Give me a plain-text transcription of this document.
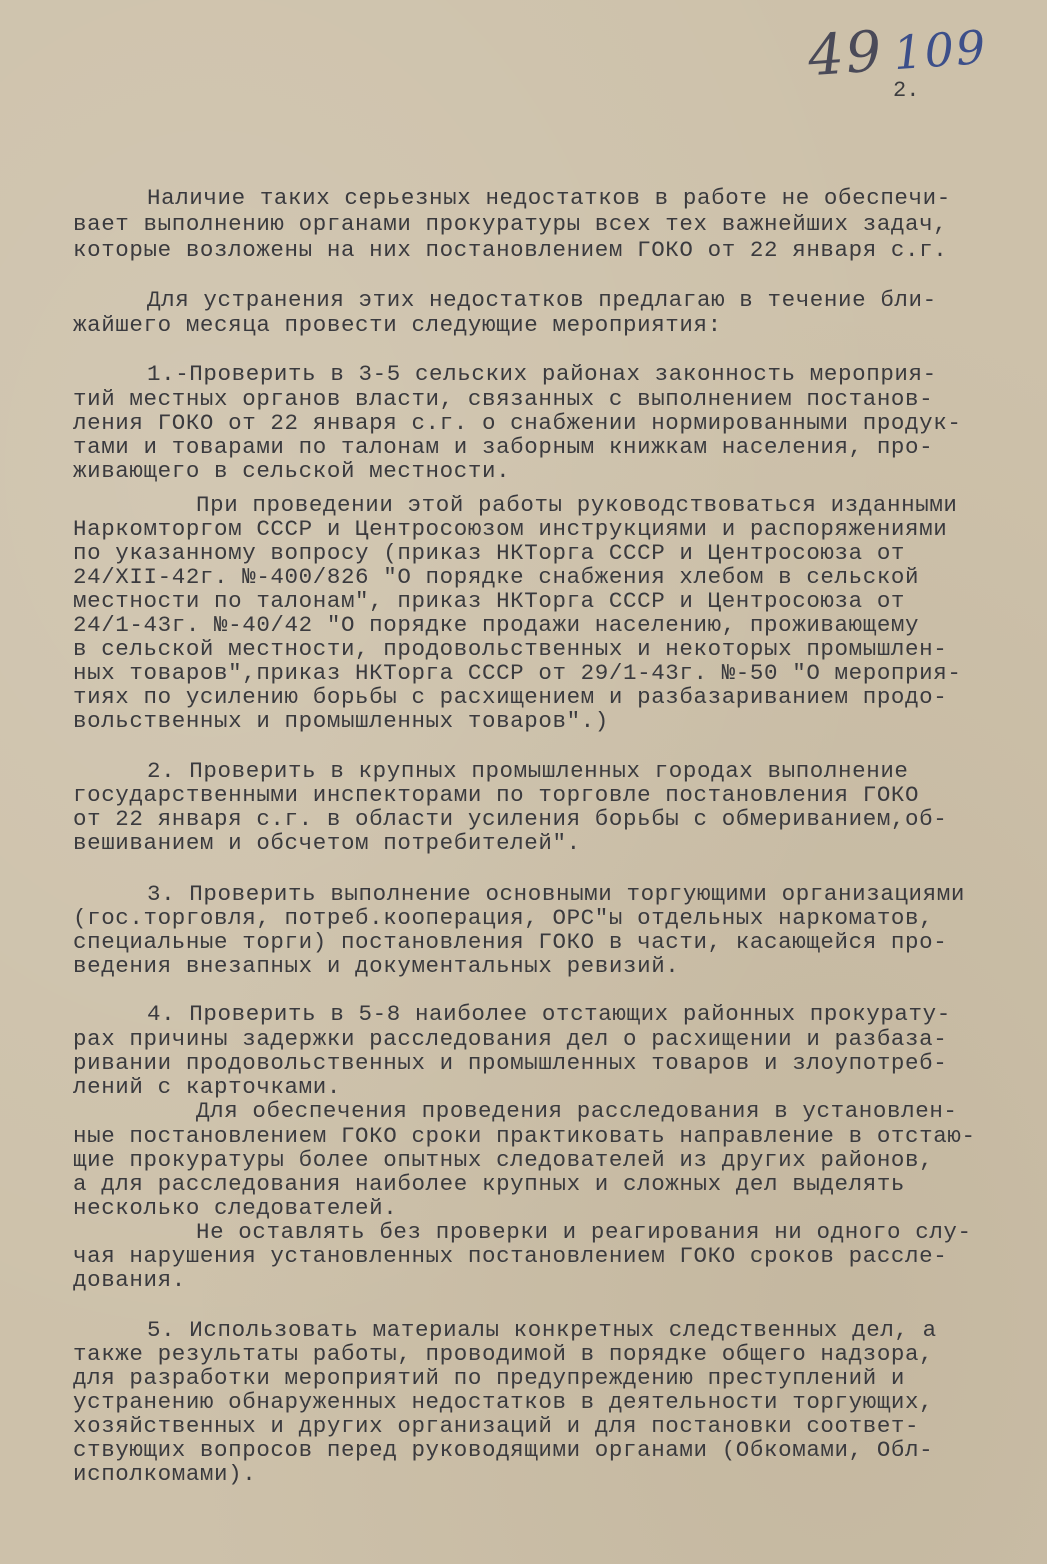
49 109
2.
Наличие таких серьезных недостатков в работе не обеспечи-
вает выполнению органами прокуратуры всех тех важнейших задач,
которые возложены на них постановлением ГОКО от 22 января с.г.
Для устранения этих недостатков предлагаю в течение бли-
жайшего месяца провести следующие мероприятия:
1.-Проверить в 3-5 сельских районах законность мероприя-
тий местных органов власти, связанных с выполнением постанов-
ления ГОКО от 22 января с.г. о снабжении нормированными продук-
тами и товарами по талонам и заборным книжкам населения, про-
живающего в сельской местности.
При проведении этой работы руководствоваться изданными
Наркомторгом СССР и Центросоюзом инструкциями и распоряжениями
по указанному вопросу (приказ НКТорга СССР и Центросоюза от
24/XII-42г. №-400/826 "О порядке снабжения хлебом в сельской
местности по талонам", приказ НКТорга СССР и Центросоюза от
24/1-43г. №-40/42 "О порядке продажи населению, проживающему
в сельской местности, продовольственных и некоторых промышлен-
ных товаров",приказ НКТорга СССР от 29/1-43г. №-50 "О мероприя-
тиях по усилению борьбы с расхищением и разбазариванием продо-
вольственных и промышленных товаров".)
2. Проверить в крупных промышленных городах выполнение
государственными инспекторами по торговле постановления ГОКО
от 22 января с.г. в области усиления борьбы с обмериванием,об-
вешиванием и обсчетом потребителей".
3. Проверить выполнение основными торгующими организациями
(гос.торговля, потреб.кооперация, ОРС"ы отдельных наркоматов,
специальные торги) постановления ГОКО в части, касающейся про-
ведения внезапных и документальных ревизий.
4. Проверить в 5-8 наиболее отстающих районных прокурату-
рах причины задержки расследования дел о расхищении и разбаза-
ривании продовольственных и промышленных товаров и злоупотреб-
лений с карточками.
Для обеспечения проведения расследования в установлен-
ные постановлением ГОКО сроки практиковать направление в отстаю-
щие прокуратуры более опытных следователей из других районов,
а для расследования наиболее крупных и сложных дел выделять
несколько следователей.
Не оставлять без проверки и реагирования ни одного слу-
чая нарушения установленных постановлением ГОКО сроков рассле-
дования.
5. Использовать материалы конкретных следственных дел, а
также результаты работы, проводимой в порядке общего надзора,
для разработки мероприятий по предупреждению преступлений и
устранению обнаруженных недостатков в деятельности торгующих,
хозяйственных и других организаций и для постановки соответ-
ствующих вопросов перед руководящими органами (Обкомами, Обл-
исполкомами).
